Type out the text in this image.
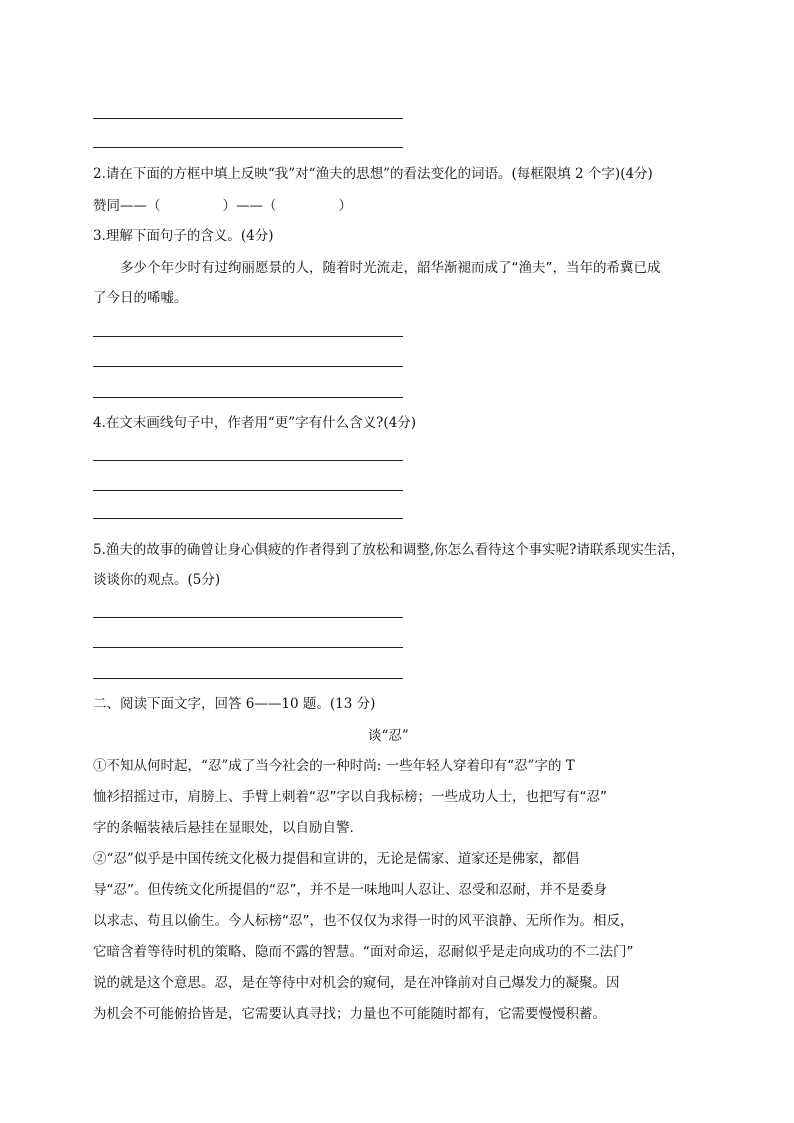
2.请在下面的方框中填上反映“我”对“渔夫的思想”的看法变化的词语。(每框限填 2 个字)(4分)
赞同——（	）——（	）
3.理解下面句子的含义。(4分)
多少个年少时有过绚丽愿景的人，随着时光流走，韶华渐褪而成了“渔夫”，当年的希冀已成
了今日的唏嘘。
4.在文末画线句子中，作者用“更”字有什么含义?(4分)
5.渔夫的故事的确曾让身心俱疲的作者得到了放松和调整,你怎么看待这个事实呢?请联系现实生活，
谈谈你的观点。(5分)
二、阅读下面文字，回答 6——10 题。(13 分)
谈“忍”
①不知从何时起，“忍”成了当今社会的一种时尚: 一些年轻人穿着印有“忍”字的 T
恤衫招摇过市，肩膀上、手臂上刺着“忍”字以自我标榜；一些成功人士，也把写有“忍”
字的条幅装裱后悬挂在显眼处，以自励自警.
②“忍”似乎是中国传统文化极力提倡和宣讲的，无论是儒家、道家还是佛家，都倡
导“忍”。但传统文化所提倡的“忍”，并不是一味地叫人忍让、忍受和忍耐，并不是委身
以求志、苟且以偷生。今人标榜“忍”，也不仅仅为求得一时的风平浪静、无所作为。相反，
它暗含着等待时机的策略、隐而不露的智慧。“面对命运，忍耐似乎是走向成功的不二法门”
说的就是这个意思。忍，是在等待中对机会的窥伺，是在冲锋前对自己爆发力的凝聚。因
为机会不可能俯拾皆是，它需要认真寻找；力量也不可能随时都有，它需要慢慢积蓄。
